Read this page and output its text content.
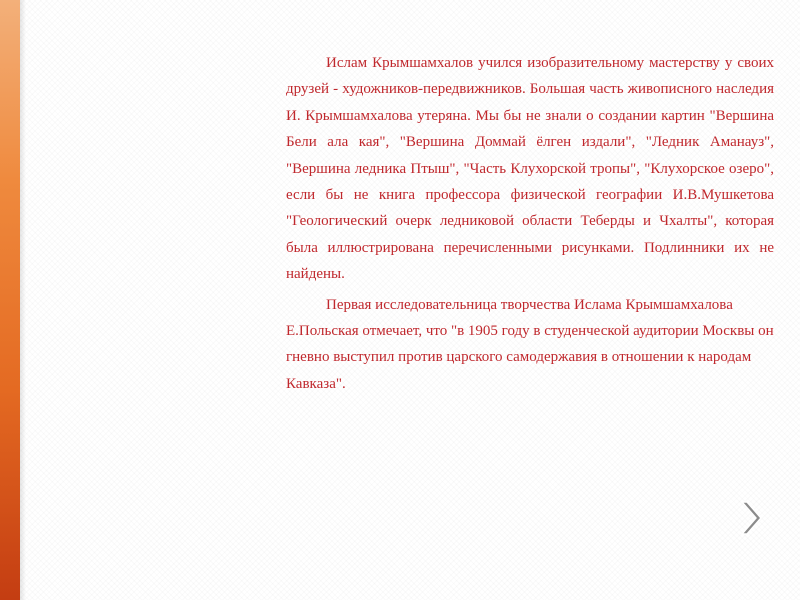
Ислам Крымшамхалов учился изобразительному мастерству у своих друзей - художников-передвижников. Большая часть живописного наследия И. Крымшамхалова утеряна. Мы бы не знали о создании картин "Вершина Бели ала кая", "Вершина Доммай ёлген издали", "Ледник Аманауз", "Вершина ледника Птыш", "Часть Клухорской тропы", "Клухорское озеро", если бы не книга профессора физической географии И.В.Мушкетова "Геологический очерк ледниковой области Теберды и Чхалты", которая была иллюстрирована перечисленными рисунками. Подлинники их не найдены.

Первая исследовательница творчества Ислама Крымшамхалова Е.Польская отмечает, что "в 1905 году в студенческой аудитории Москвы он гневно выступил против царского самодержавия в отношении к народам Кавказа".
